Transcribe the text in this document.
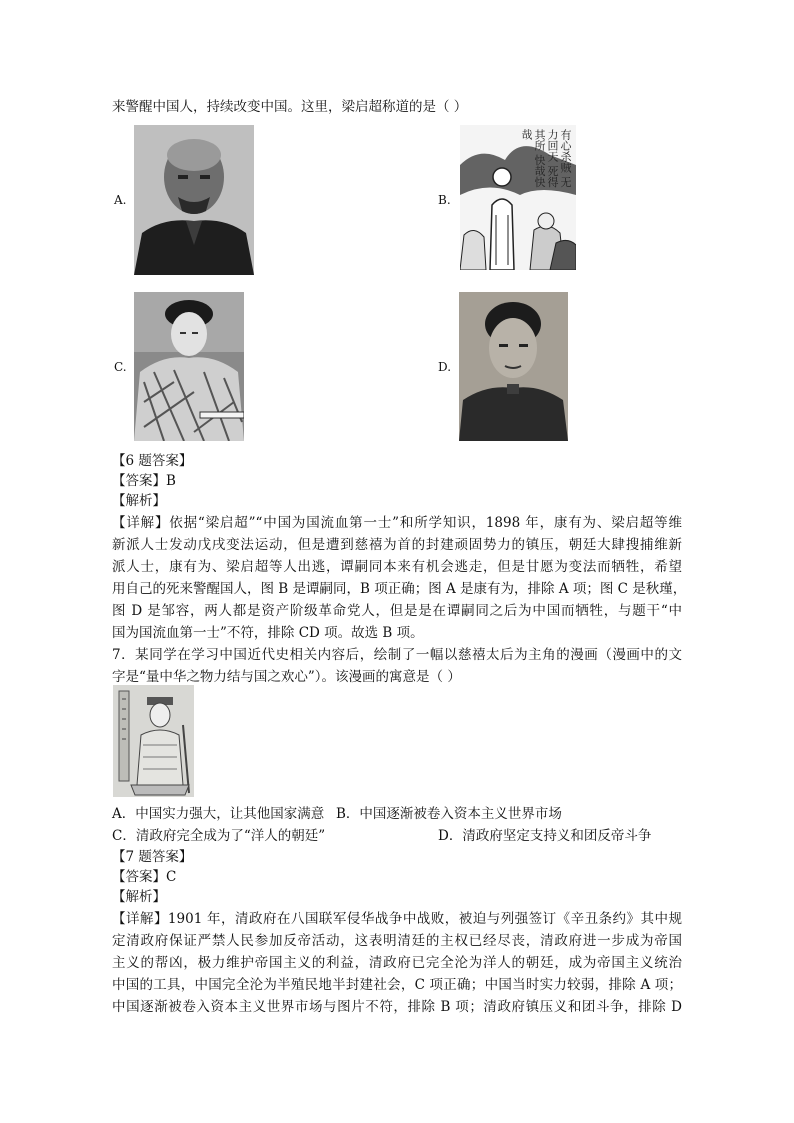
来警醒中国人，持续改变中国。这里，梁启超称道的是（ ）
A.	B.
有心杀贼 无力回天 死得其所 快哉快哉
C.	D.
【6 题答案】
【答案】B
【解析】
【详解】依据“梁启超”“中国为国流血第一士”和所学知识，1898 年，康有为、梁启超等维
新派人士发动戊戌变法运动，但是遭到慈禧为首的封建顽固势力的镇压，朝廷大肆搜捕维新
派人士，康有为、梁启超等人出逃，谭嗣同本来有机会逃走，但是甘愿为变法而牺牲，希望
用自己的死来警醒国人，图 B 是谭嗣同，B 项正确；图 A 是康有为，排除 A 项；图 C 是秋瑾，
图 D 是邹容，两人都是资产阶级革命党人，但是是在谭嗣同之后为中国而牺牲，与题干“中
国为国流血第一士”不符，排除 CD 项。故选 B 项。
7．某同学在学习中国近代史相关内容后，绘制了一幅以慈禧太后为主角的漫画（漫画中的文
字是“量中华之物力结与国之欢心”）。该漫画的寓意是（ ）
A．中国实力强大，让其他国家满意 B．中国逐渐被卷入资本主义世界市场
C．清政府完全成为了“洋人的朝廷”	D．清政府坚定支持义和团反帝斗争
【7 题答案】
【答案】C
【解析】
【详解】1901 年，清政府在八国联军侵华战争中战败，被迫与列强签订《辛丑条约》其中规
定清政府保证严禁人民参加反帝活动，这表明清廷的主权已经尽丧，清政府进一步成为帝国
主义的帮凶，极力维护帝国主义的利益，清政府已完全沦为洋人的朝廷，成为帝国主义统治
中国的工具，中国完全沦为半殖民地半封建社会，C 项正确；中国当时实力较弱，排除 A 项；
中国逐渐被卷入资本主义世界市场与图片不符，排除 B 项；清政府镇压义和团斗争，排除 D
